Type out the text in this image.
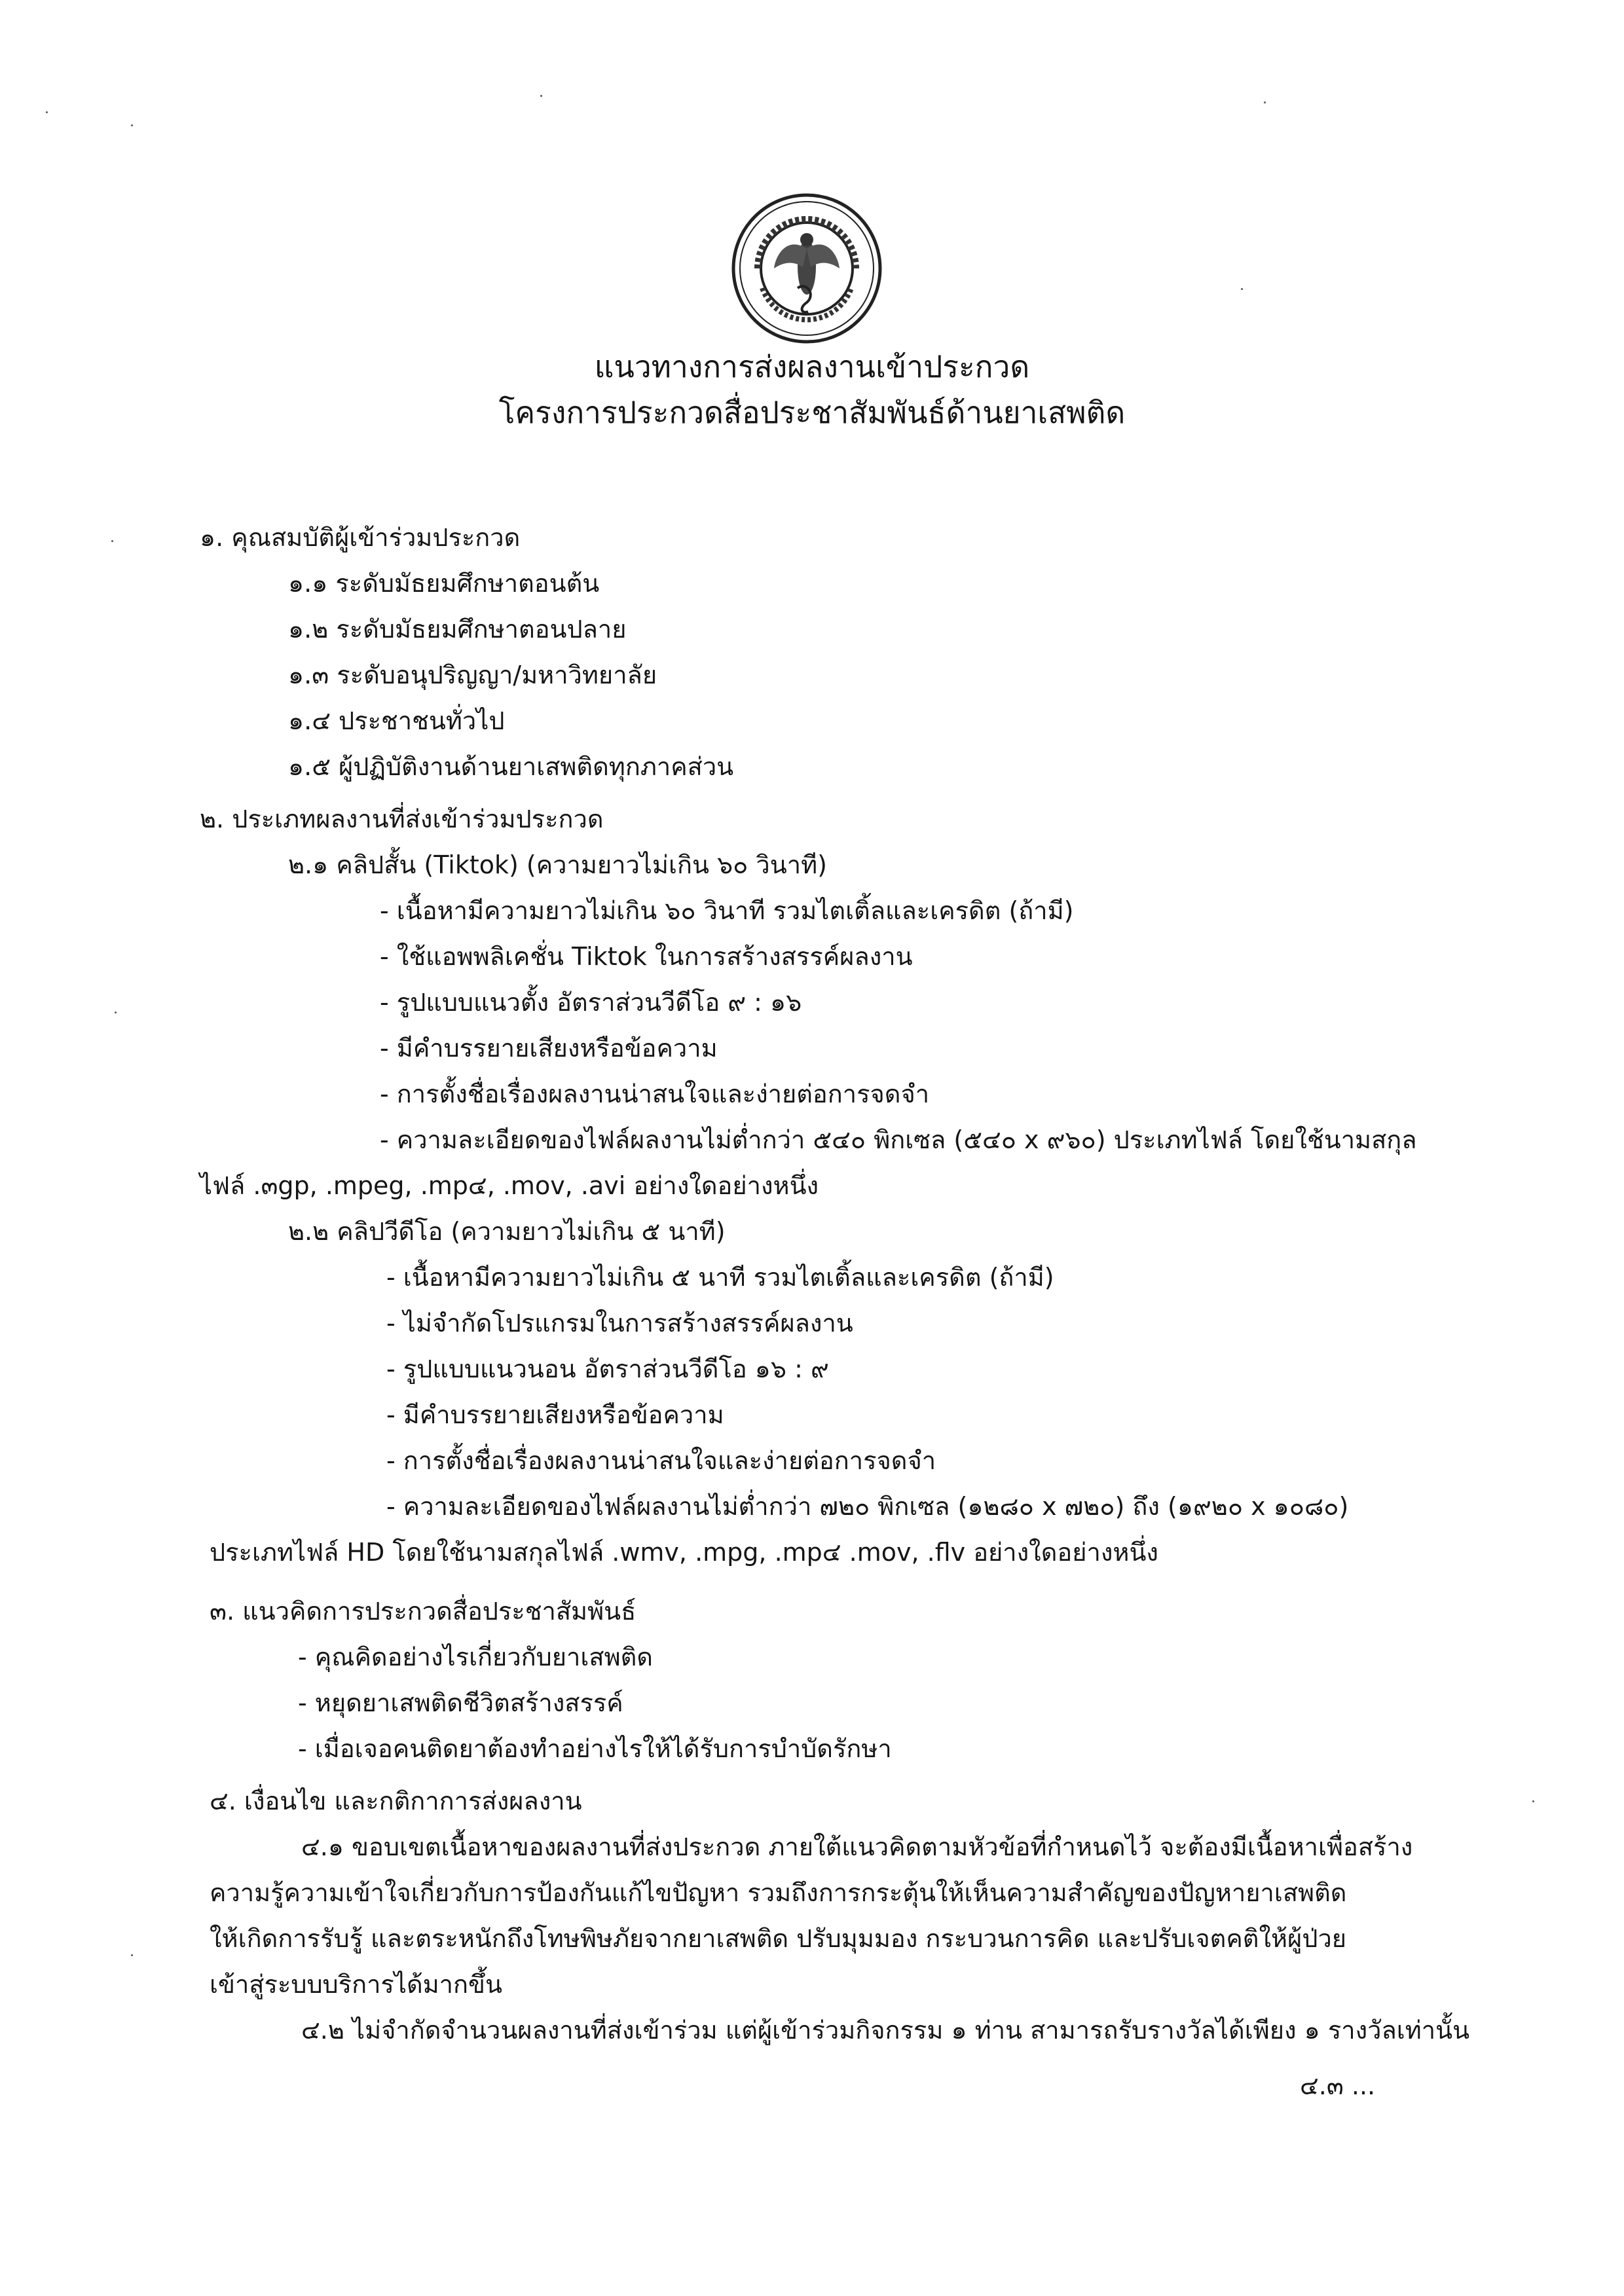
แนวทางการส่งผลงานเข้าประกวด
โครงการประกวดสื่อประชาสัมพันธ์ด้านยาเสพติด
๑. คุณสมบัติผู้เข้าร่วมประกวด
๑.๑ ระดับมัธยมศึกษาตอนต้น
๑.๒ ระดับมัธยมศึกษาตอนปลาย
๑.๓ ระดับอนุปริญญา/มหาวิทยาลัย
๑.๔ ประชาชนทั่วไป
๑.๕ ผู้ปฏิบัติงานด้านยาเสพติดทุกภาคส่วน
๒. ประเภทผลงานที่ส่งเข้าร่วมประกวด
๒.๑ คลิปสั้น (Tiktok) (ความยาวไม่เกิน ๖๐ วินาที)
- เนื้อหามีความยาวไม่เกิน ๖๐ วินาที รวมไตเติ้ลและเครดิต (ถ้ามี)
- ใช้แอพพลิเคชั่น Tiktok ในการสร้างสรรค์ผลงาน
- รูปแบบแนวตั้ง อัตราส่วนวีดีโอ ๙ : ๑๖
- มีคำบรรยายเสียงหรือข้อความ
- การตั้งชื่อเรื่องผลงานน่าสนใจและง่ายต่อการจดจำ
- ความละเอียดของไฟล์ผลงานไม่ต่ำกว่า ๕๔๐ พิกเซล (๕๔๐ x ๙๖๐) ประเภทไฟล์ โดยใช้นามสกุล
ไฟล์ .๓gp, .mpeg, .mp๔, .mov, .avi อย่างใดอย่างหนึ่ง
๒.๒ คลิปวีดีโอ (ความยาวไม่เกิน ๕ นาที)
- เนื้อหามีความยาวไม่เกิน ๕ นาที รวมไตเติ้ลและเครดิต (ถ้ามี)
- ไม่จำกัดโปรแกรมในการสร้างสรรค์ผลงาน
- รูปแบบแนวนอน อัตราส่วนวีดีโอ ๑๖ : ๙
- มีคำบรรยายเสียงหรือข้อความ
- การตั้งชื่อเรื่องผลงานน่าสนใจและง่ายต่อการจดจำ
- ความละเอียดของไฟล์ผลงานไม่ต่ำกว่า ๗๒๐ พิกเซล (๑๒๘๐ x ๗๒๐) ถึง (๑๙๒๐ x ๑๐๘๐)
ประเภทไฟล์ HD โดยใช้นามสกุลไฟล์ .wmv, .mpg, .mp๔ .mov, .flv อย่างใดอย่างหนึ่ง
๓. แนวคิดการประกวดสื่อประชาสัมพันธ์
- คุณคิดอย่างไรเกี่ยวกับยาเสพติด
- หยุดยาเสพติดชีวิตสร้างสรรค์
- เมื่อเจอคนติดยาต้องทำอย่างไรให้ได้รับการบำบัดรักษา
๔. เงื่อนไข และกติกาการส่งผลงาน
๔.๑ ขอบเขตเนื้อหาของผลงานที่ส่งประกวด ภายใต้แนวคิดตามหัวข้อที่กำหนดไว้ จะต้องมีเนื้อหาเพื่อสร้าง
ความรู้ความเข้าใจเกี่ยวกับการป้องกันแก้ไขปัญหา รวมถึงการกระตุ้นให้เห็นความสำคัญของปัญหายาเสพติด
ให้เกิดการรับรู้ และตระหนักถึงโทษพิษภัยจากยาเสพติด ปรับมุมมอง กระบวนการคิด และปรับเจตคติให้ผู้ป่วย
เข้าสู่ระบบบริการได้มากขึ้น
๔.๒ ไม่จำกัดจำนวนผลงานที่ส่งเข้าร่วม แต่ผู้เข้าร่วมกิจกรรม ๑ ท่าน สามารถรับรางวัลได้เพียง ๑ รางวัลเท่านั้น
๔.๓ ...
